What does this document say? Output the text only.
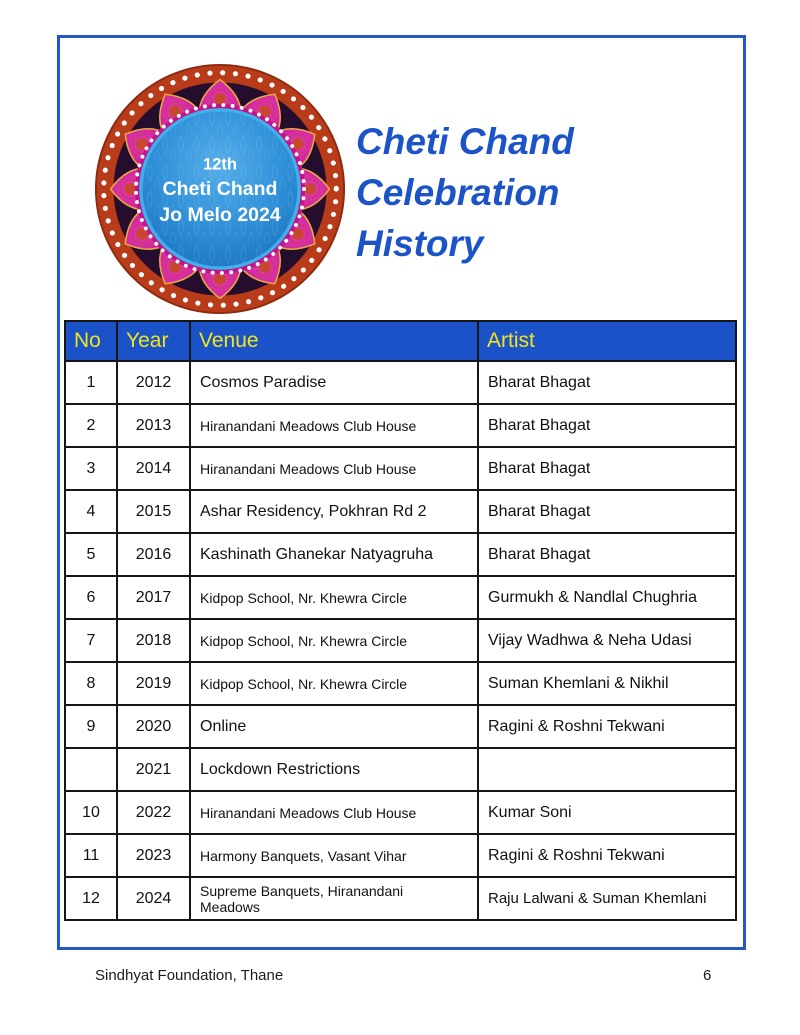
12th
Cheti Chand
Jo Melo 2024
Cheti Chand
Celebration
History
No	Year	Venue	Artist
1	2012	Cosmos Paradise	Bharat Bhagat
2	2013	Hiranandani Meadows Club House	Bharat Bhagat
3	2014	Hiranandani Meadows Club House	Bharat Bhagat
4	2015	Ashar Residency, Pokhran Rd 2	Bharat Bhagat
5	2016	Kashinath Ghanekar Natyagruha	Bharat Bhagat
6	2017	Kidpop School, Nr. Khewra Circle	Gurmukh & Nandlal Chughria
7	2018	Kidpop School, Nr. Khewra Circle	Vijay Wadhwa & Neha Udasi
8	2019	Kidpop School, Nr. Khewra Circle	Suman Khemlani & Nikhil
9	2020	Online	Ragini & Roshni Tekwani
	2021	Lockdown Restrictions	
10	2022	Hiranandani Meadows Club House	Kumar Soni
11	2023	Harmony Banquets, Vasant Vihar	Ragini & Roshni Tekwani
12	2024	Supreme Banquets, Hiranandani Meadows	Raju Lalwani & Suman Khemlani
Sindhyat Foundation, Thane	6
